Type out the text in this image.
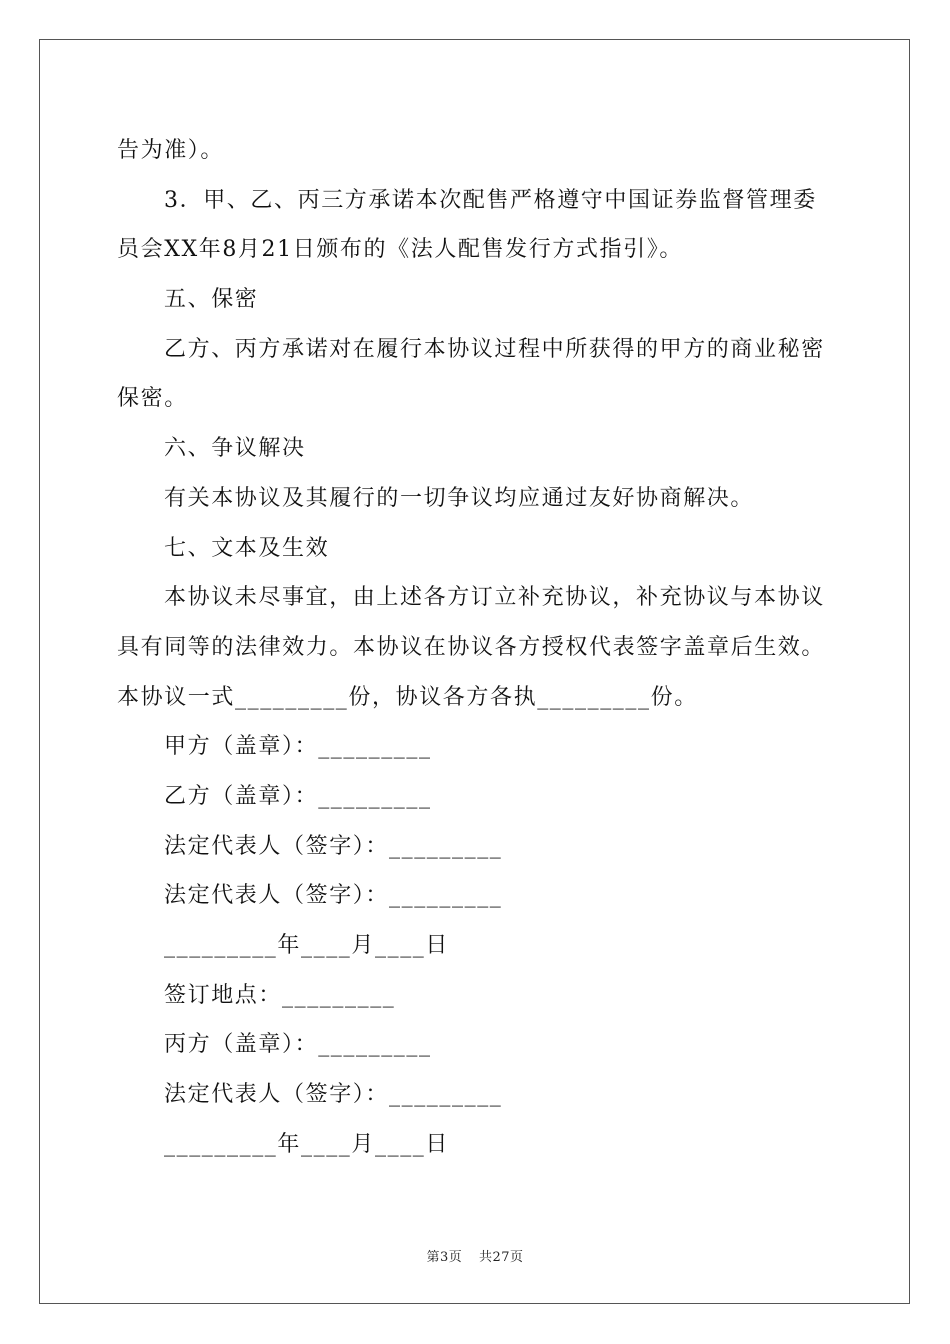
告为准）。
3．甲、乙、丙三方承诺本次配售严格遵守中国证券监督管理委
员会XX年8月21日颁布的《法人配售发行方式指引》。
五、保密
乙方、丙方承诺对在履行本协议过程中所获得的甲方的商业秘密
保密。
六、争议解决
有关本协议及其履行的一切争议均应通过友好协商解决。
七、文本及生效
本协议未尽事宜，由上述各方订立补充协议，补充协议与本协议
具有同等的法律效力。本协议在协议各方授权代表签字盖章后生效。
本协议一式_________份，协议各方各执_________份。
甲方（盖章）：_________
乙方（盖章）：_________
法定代表人（签字）：_________
法定代表人（签字）：_________
_________年____月____日
签订地点：_________
丙方（盖章）：_________
法定代表人（签字）：_________
_________年____月____日
第3页 共27页
